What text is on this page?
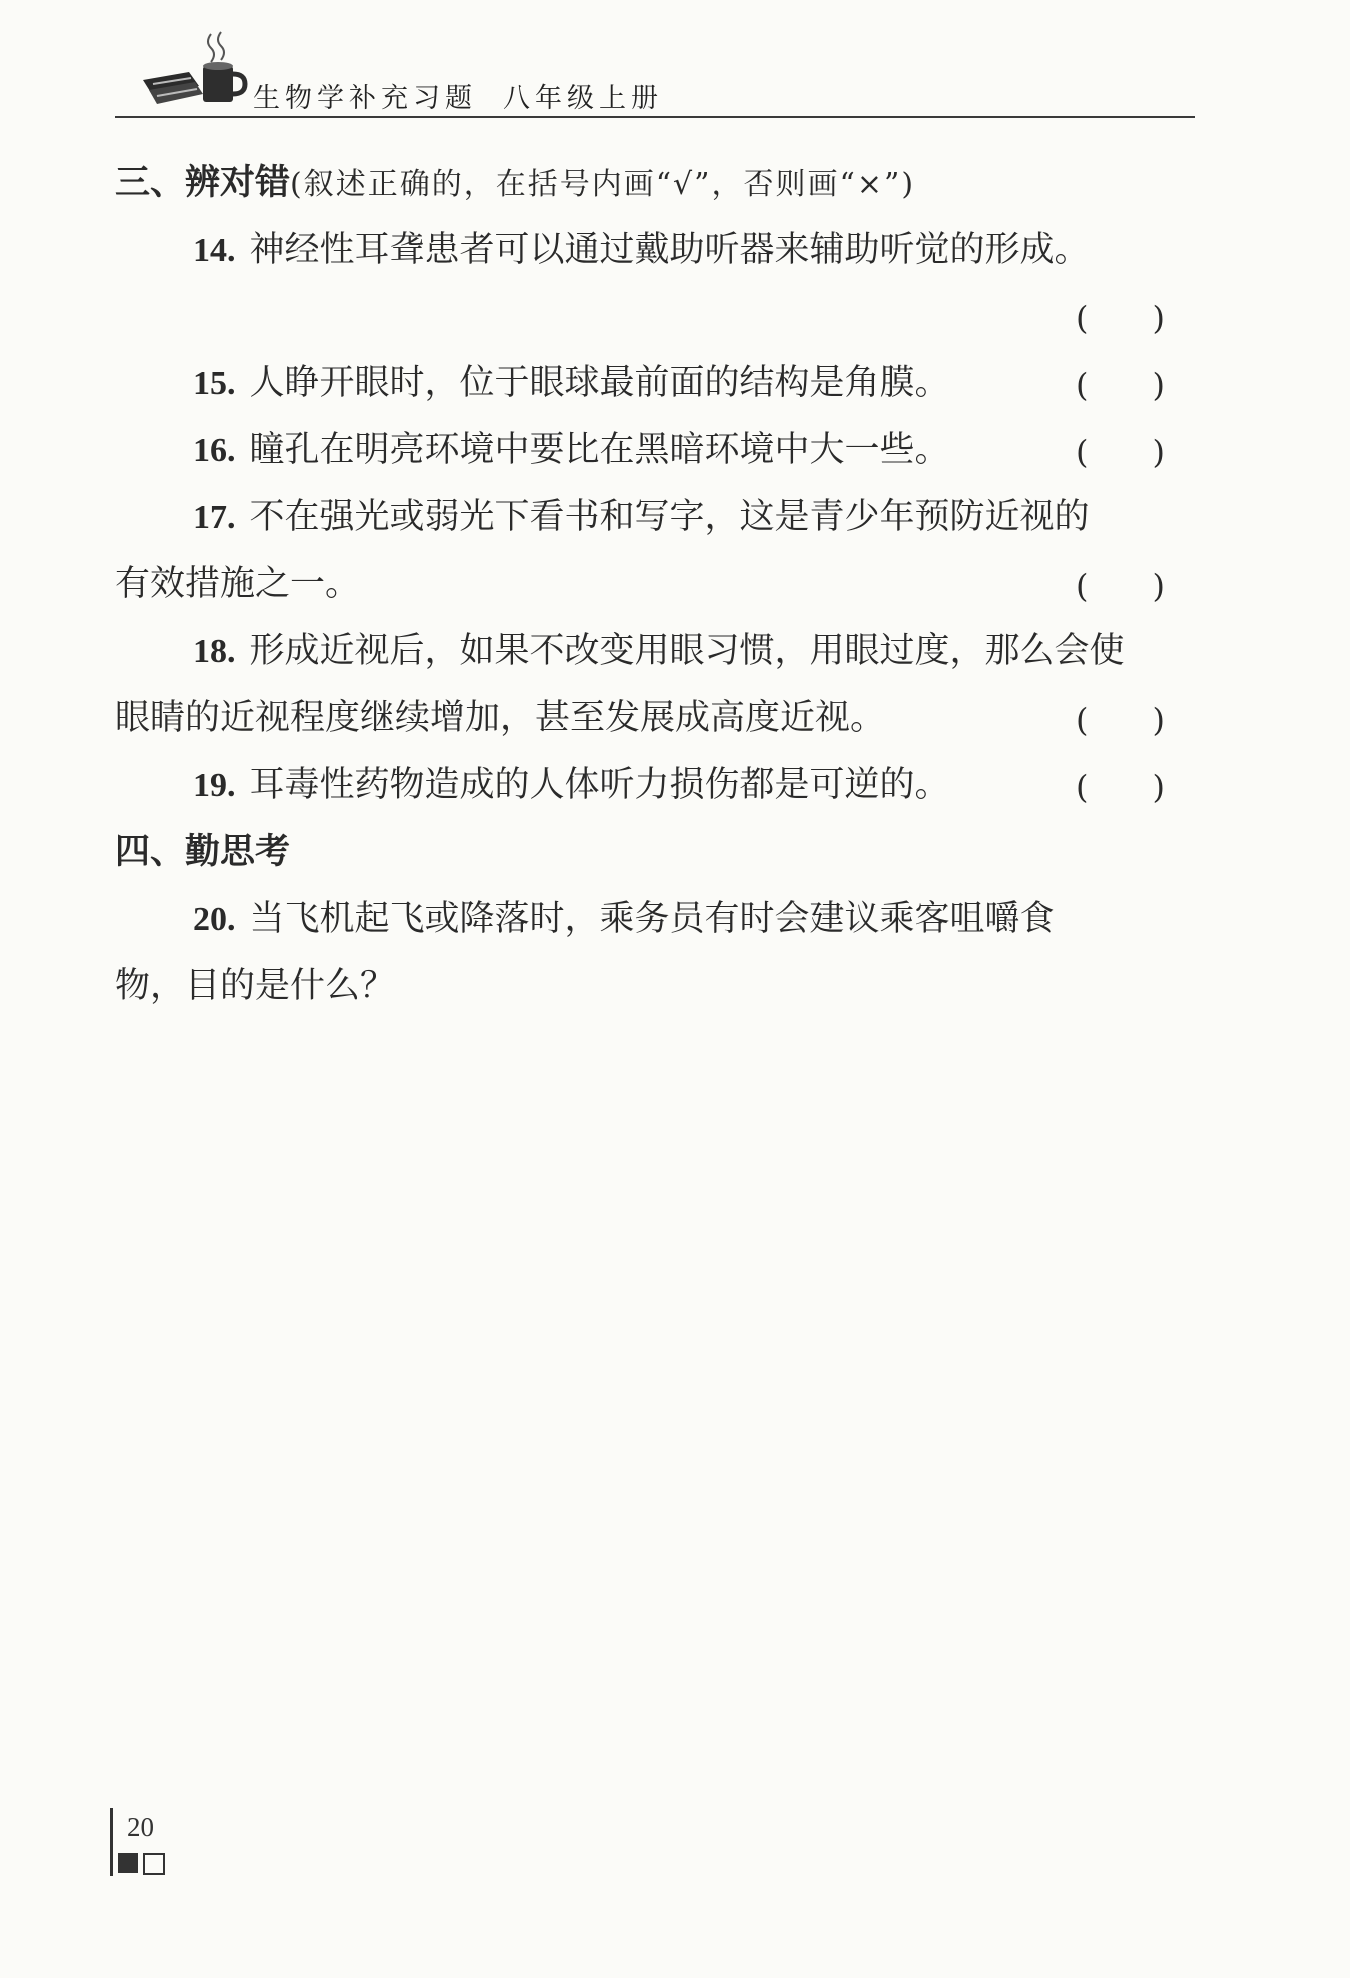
生物学补充习题 八年级上册
三、辨对错(叙述正确的，在括号内画“√”，否则画“×”)
14. 神经性耳聋患者可以通过戴助听器来辅助听觉的形成。
( )
15. 人睁开眼时，位于眼球最前面的结构是角膜。	( )
16. 瞳孔在明亮环境中要比在黑暗环境中大一些。	( )
17. 不在强光或弱光下看书和写字，这是青少年预防近视的
有效措施之一。	( )
18. 形成近视后，如果不改变用眼习惯，用眼过度，那么会使
眼睛的近视程度继续增加，甚至发展成高度近视。	( )
19. 耳毒性药物造成的人体听力损伤都是可逆的。	( )
四、勤思考
20. 当飞机起飞或降落时，乘务员有时会建议乘客咀嚼食
物，目的是什么？
20
